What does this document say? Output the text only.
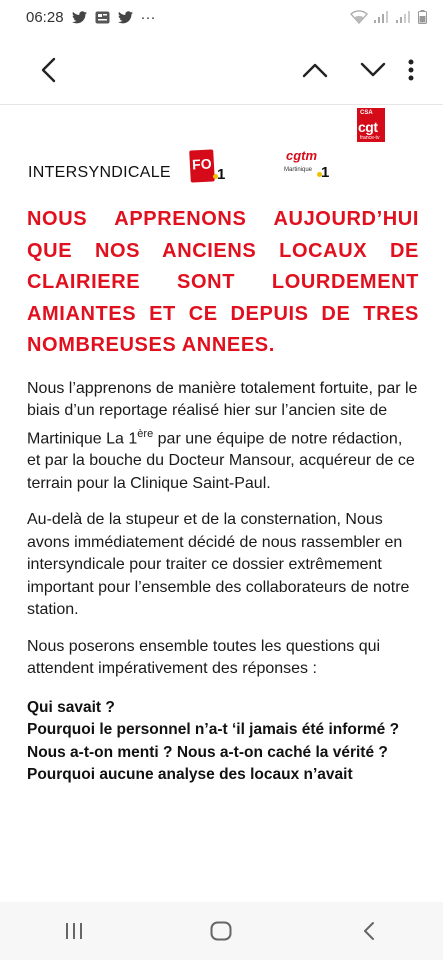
06:28	···
INTERSYNDICALE FO
1
cgtm
Martinique 1
CSA
cgt
france-tv
NOUS APPRENONS AUJOURD’HUI QUE NOS ANCIENS LOCAUX DE CLAIRIERE SONT LOURDEMENT AMIANTES ET CE DEPUIS DE TRES NOMBREUSES ANNEES.

Nous l’apprenons de manière totalement fortuite, par le biais d’un reportage réalisé hier sur l’ancien site de Martinique La 1ère par une équipe de notre rédaction, et par la bouche du Docteur Mansour, acquéreur de ce terrain pour la Clinique Saint-Paul.

Au-delà de la stupeur et de la consternation, Nous avons immédiatement décidé de nous rassembler en intersyndicale pour traiter ce dossier extrêmement important pour l’ensemble des collaborateurs de notre station.

Nous poserons ensemble toutes les questions qui attendent impérativement des réponses :

Qui savait ?

Pourquoi le personnel n’a-t ‘il jamais été informé ?

Nous a-t-on menti ? Nous a-t-on caché la vérité ?

Pourquoi aucune analyse des locaux n’avait
